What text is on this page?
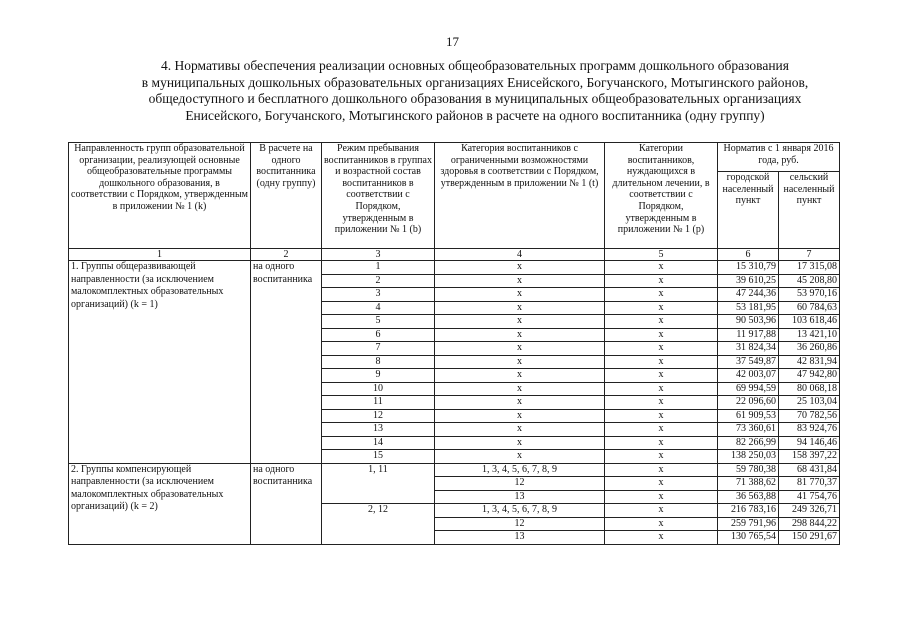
17
4. Нормативы обеспечения реализации основных общеобразовательных программ дошкольного образования
в муниципальных дошкольных образовательных организациях Енисейского, Богучанского, Мотыгинского районов,
общедоступного и бесплатного дошкольного образования в муниципальных общеобразовательных организациях
Енисейского, Богучанского, Мотыгинского районов в расчете на одного воспитанника (одну группу)
Направленность групп образовательной организации, реализующей основные общеобразовательные программы дошкольного образования, в соответствии с Порядком, утвержденным в приложении № 1 (k)	В расчете на одного воспитанника (одну группу)	Режим пребывания воспитанников в группах и возрастной состав воспитанников в соответствии с Порядком, утвержденным в приложении № 1 (b)	Категория воспитанников с ограниченными возможностями здоровья в соответствии с Порядком, утвержденным в приложении № 1 (t)	Категории воспитанников, нуждающихся в длительном лечении, в соответствии с Порядком, утвержденным в приложении № 1 (p)	Норматив с 1 января 2016 года, руб.	
					городской населенный пункт	сельский населенный пункт
1	2	3	4	5	6	7
1. Группы общеразвивающей направленности (за исключением малокомплектных образовательных организаций) (k = 1)	на одного воспитанника	1	х	х	15 310,79	17 315,08
		2	х	х	39 610,25	45 208,80
		3	х	х	47 244,36	53 970,16
		4	х	х	53 181,95	60 784,63
		5	х	х	90 503,96	103 618,46
		6	х	х	11 917,88	13 421,10
		7	х	х	31 824,34	36 260,86
		8	х	х	37 549,87	42 831,94
		9	х	х	42 003,07	47 942,80
		10	х	х	69 994,59	80 068,18
		11	х	х	22 096,60	25 103,04
		12	х	х	61 909,53	70 782,56
		13	х	х	73 360,61	83 924,76
		14	х	х	82 266,99	94 146,46
		15	х	х	138 250,03	158 397,22
2. Группы компенсирующей направленности (за исключением малокомплектных образовательных организаций) (k = 2)	на одного воспитанника	1, 11	1, 3, 4, 5, 6, 7, 8, 9	х	59 780,38	68 431,84
			12	х	71 388,62	81 770,37
			13	х	36 563,88	41 754,76
		2, 12	1, 3, 4, 5, 6, 7, 8, 9	х	216 783,16	249 326,71
			12	х	259 791,96	298 844,22
			13	х	130 765,54	150 291,67
